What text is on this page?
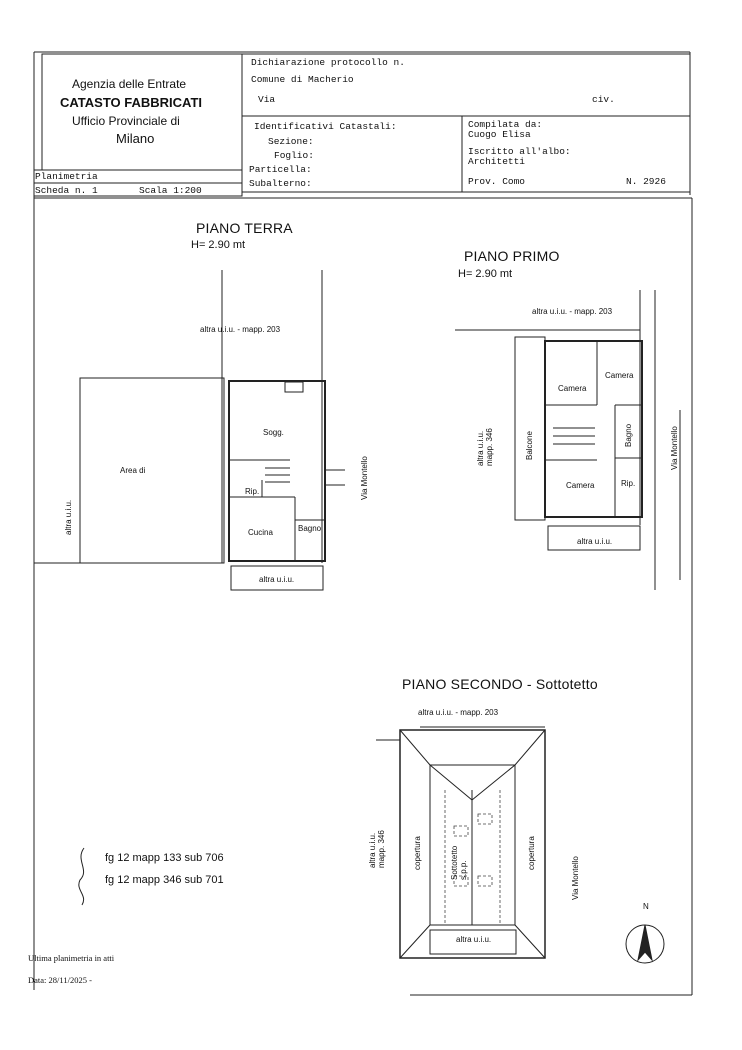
Agenzia delle Entrate
CATASTO FABBRICATI
Ufficio Provinciale di
Milano
Dichiarazione protocollo n.
Comune di Macherio
Via	civ.
Identificativi Catastali:
Sezione:
Foglio:
Particella:
Subalterno:
Compilata da:
Cuogo Elisa
Iscritto all'albo:
Architetti
Prov. Como	N. 2926
Planimetria
Scheda n. 1	Scala 1:200
PIANO TERRA
H= 2.90 mt
altra u.i.u. - mapp. 203
Sogg.
Rip.
Cucina	Bagno
Area di
altra u.i.u.
altra u.i.u.
Via Montello
PIANO PRIMO
H= 2.90 mt
altra u.i.u. - mapp. 203
Camera
Camera
Bagno
Balcone
Camera	Rip.
altra u.i.u.
altra u.i.u. mapp. 346	Via Montello
PIANO SECONDO - Sottotetto
altra u.i.u. - mapp. 203
altra u.i.u. mapp. 346	copertura	copertura
Sottotetto s.p.p.
altra u.i.u.
Via Montello
N
fg 12 mapp 133 sub 706
fg 12 mapp 346 sub 701
Ultima planimetria in atti
Data: 28/11/2025 -
